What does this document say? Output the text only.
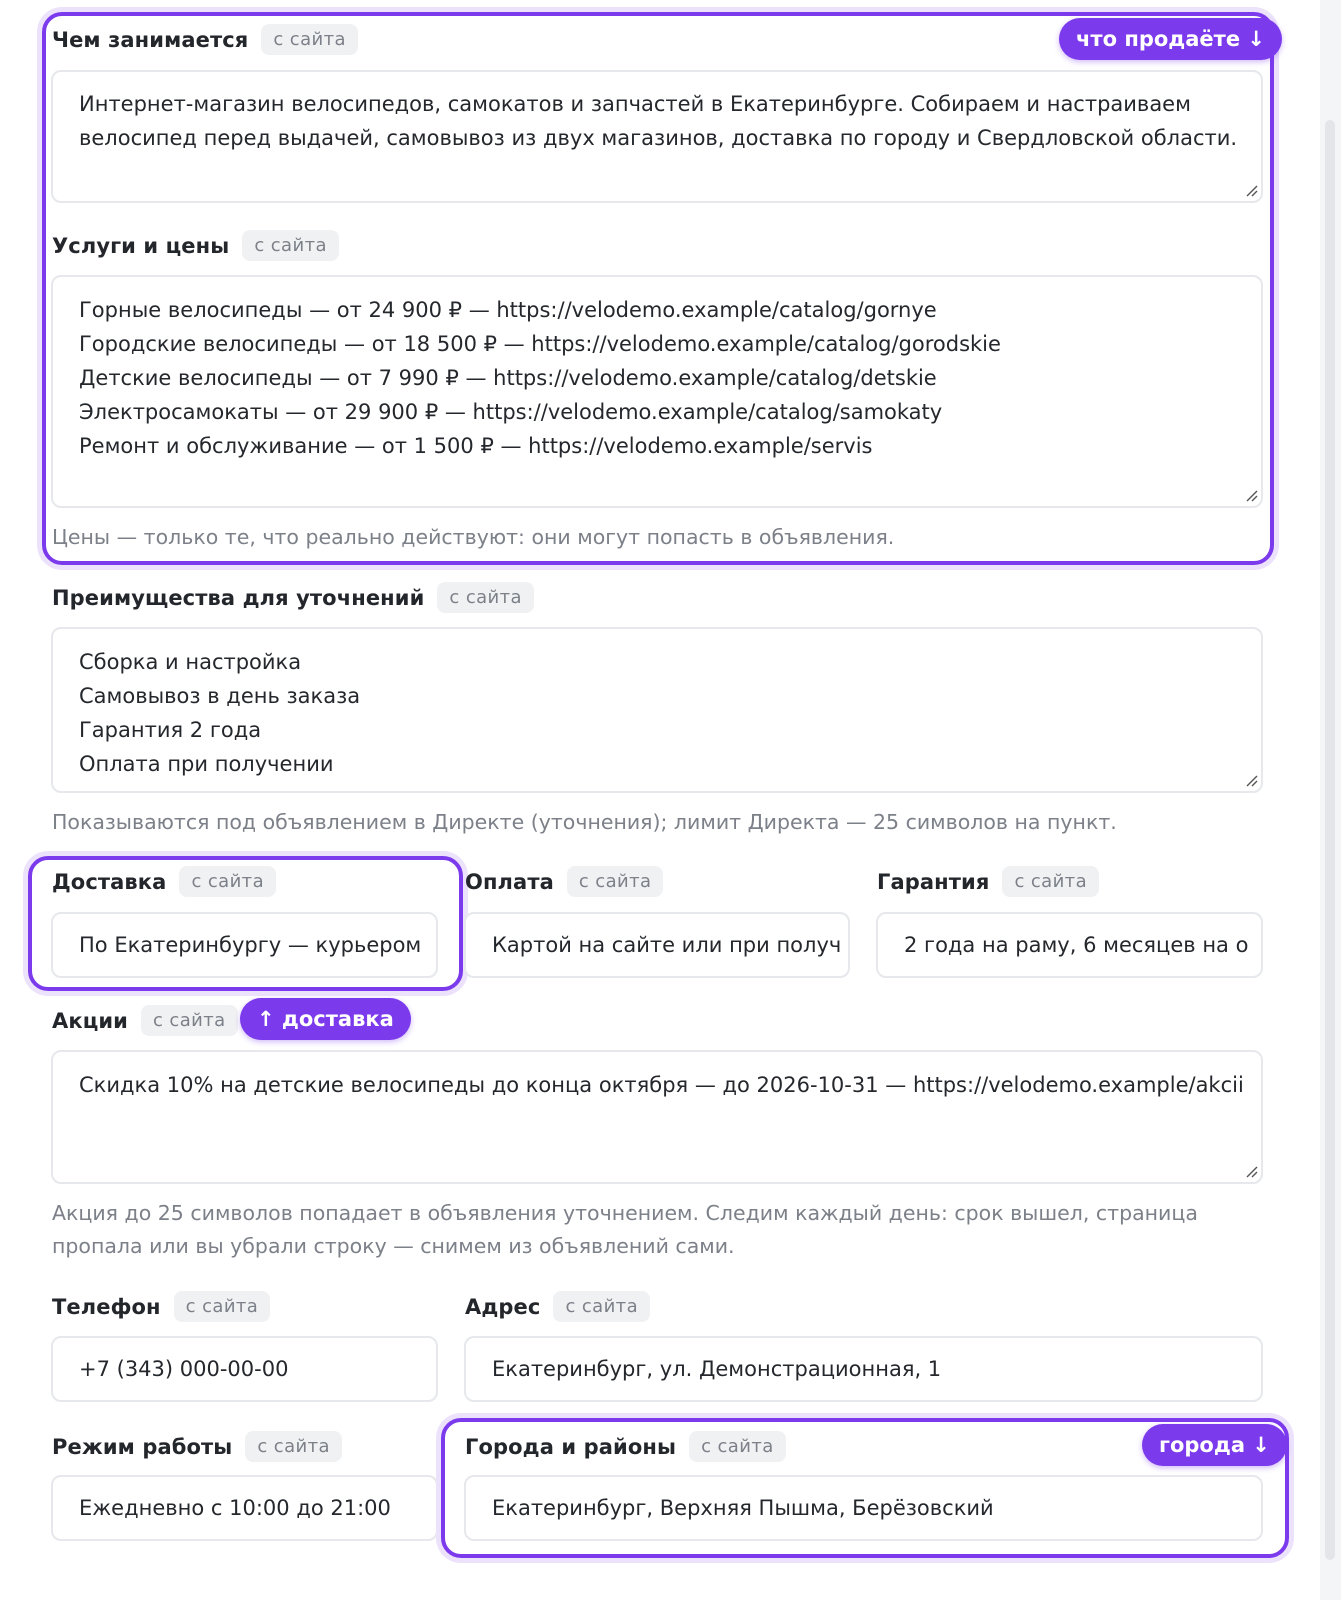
что продаёте ↓
Чем занимается	с сайта
Интернет-магазин велосипедов, самокатов и запчастей в Екатеринбурге. Собираем и настраиваем
велосипед перед выдачей, самовывоз из двух магазинов, доставка по городу и Свердловской области.
Услуги и цены	с сайта
Горные велосипеды — от 24 900 ₽ — https://velodemo.example/catalog/gornye
Городские велосипеды — от 18 500 ₽ — https://velodemo.example/catalog/gorodskie
Детские велосипеды — от 7 990 ₽ — https://velodemo.example/catalog/detskie
Электросамокаты — от 29 900 ₽ — https://velodemo.example/catalog/samokaty
Ремонт и обслуживание — от 1 500 ₽ — https://velodemo.example/servis
Цены — только те, что реально действуют: они могут попасть в объявления.
Преимущества для уточнений	с сайта
Сборка и настройка
Самовывоз в день заказа
Гарантия 2 года
Оплата при получении
Показываются под объявлением в Директе (уточнения); лимит Директа — 25 символов на пункт.
Доставка	с сайта
По Екатеринбургу — курьером
Оплата	с сайта
Картой на сайте или при получ
Гарантия	с сайта
2 года на раму, 6 месяцев на о
Акции	с сайта	↑ доставка
Скидка 10% на детские велосипеды до конца октября — до 2026-10-31 — https://velodemo.example/akcii
Акция до 25 символов попадает в объявления уточнением. Следим каждый день: срок вышел, страница
пропала или вы убрали строку — снимем из объявлений сами.
Телефон	с сайта
+7 (343) 000-00-00
Адрес	с сайта
Екатеринбург, ул. Демонстрационная, 1
Режим работы	с сайта
Ежедневно с 10:00 до 21:00
города ↓
Города и районы	с сайта
Екатеринбург, Верхняя Пышма, Берёзовский
